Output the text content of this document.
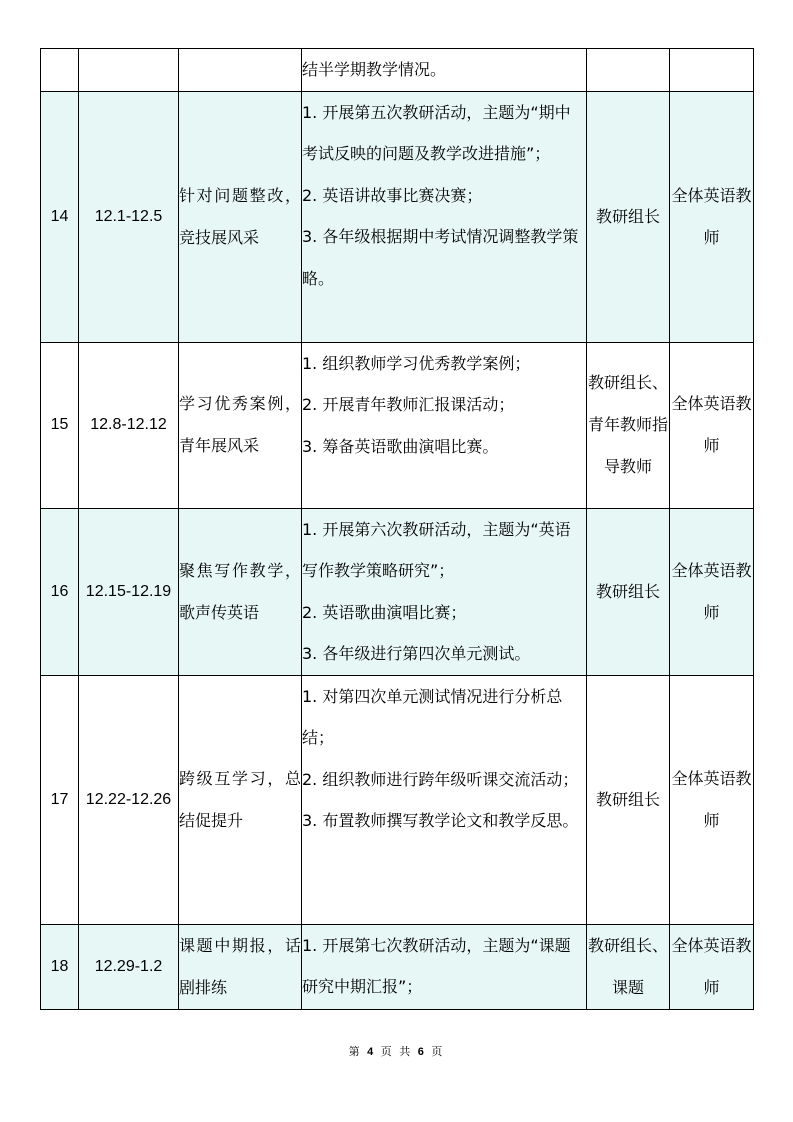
			结半学期教学情况。		

14	12.1-12.5	针对问题整改，竞技展风采	1. 开展第五次教研活动，主题为“期中考试反映的问题及教学改进措施”；
2. 英语讲故事比赛决赛；
3. 各年级根据期中考试情况调整教学策略。	教研组长	全体英语教师
15	12.8-12.12	学习优秀案例，青年展风采	1. 组织教师学习优秀教学案例；
2. 开展青年教师汇报课活动；
3. 筹备英语歌曲演唱比赛。	教研组长、青年教师指导教师	全体英语教师
16	12.15-12.19	聚焦写作教学，歌声传英语	1. 开展第六次教研活动，主题为“英语写作教学策略研究”；
2. 英语歌曲演唱比赛；
3. 各年级进行第四次单元测试。	教研组长	全体英语教师
17	12.22-12.26	跨级互学习，总结促提升	1. 对第四次单元测试情况进行分析总结；
2. 组织教师进行跨年级听课交流活动；
3. 布置教师撰写教学论文和教学反思。	教研组长	全体英语教师
18	12.29-1.2	课题中期报，话剧排练	1. 开展第七次教研活动，主题为“课题研究中期汇报”；	教研组长、课题	全体英语教师
第 4 页 共 6 页
